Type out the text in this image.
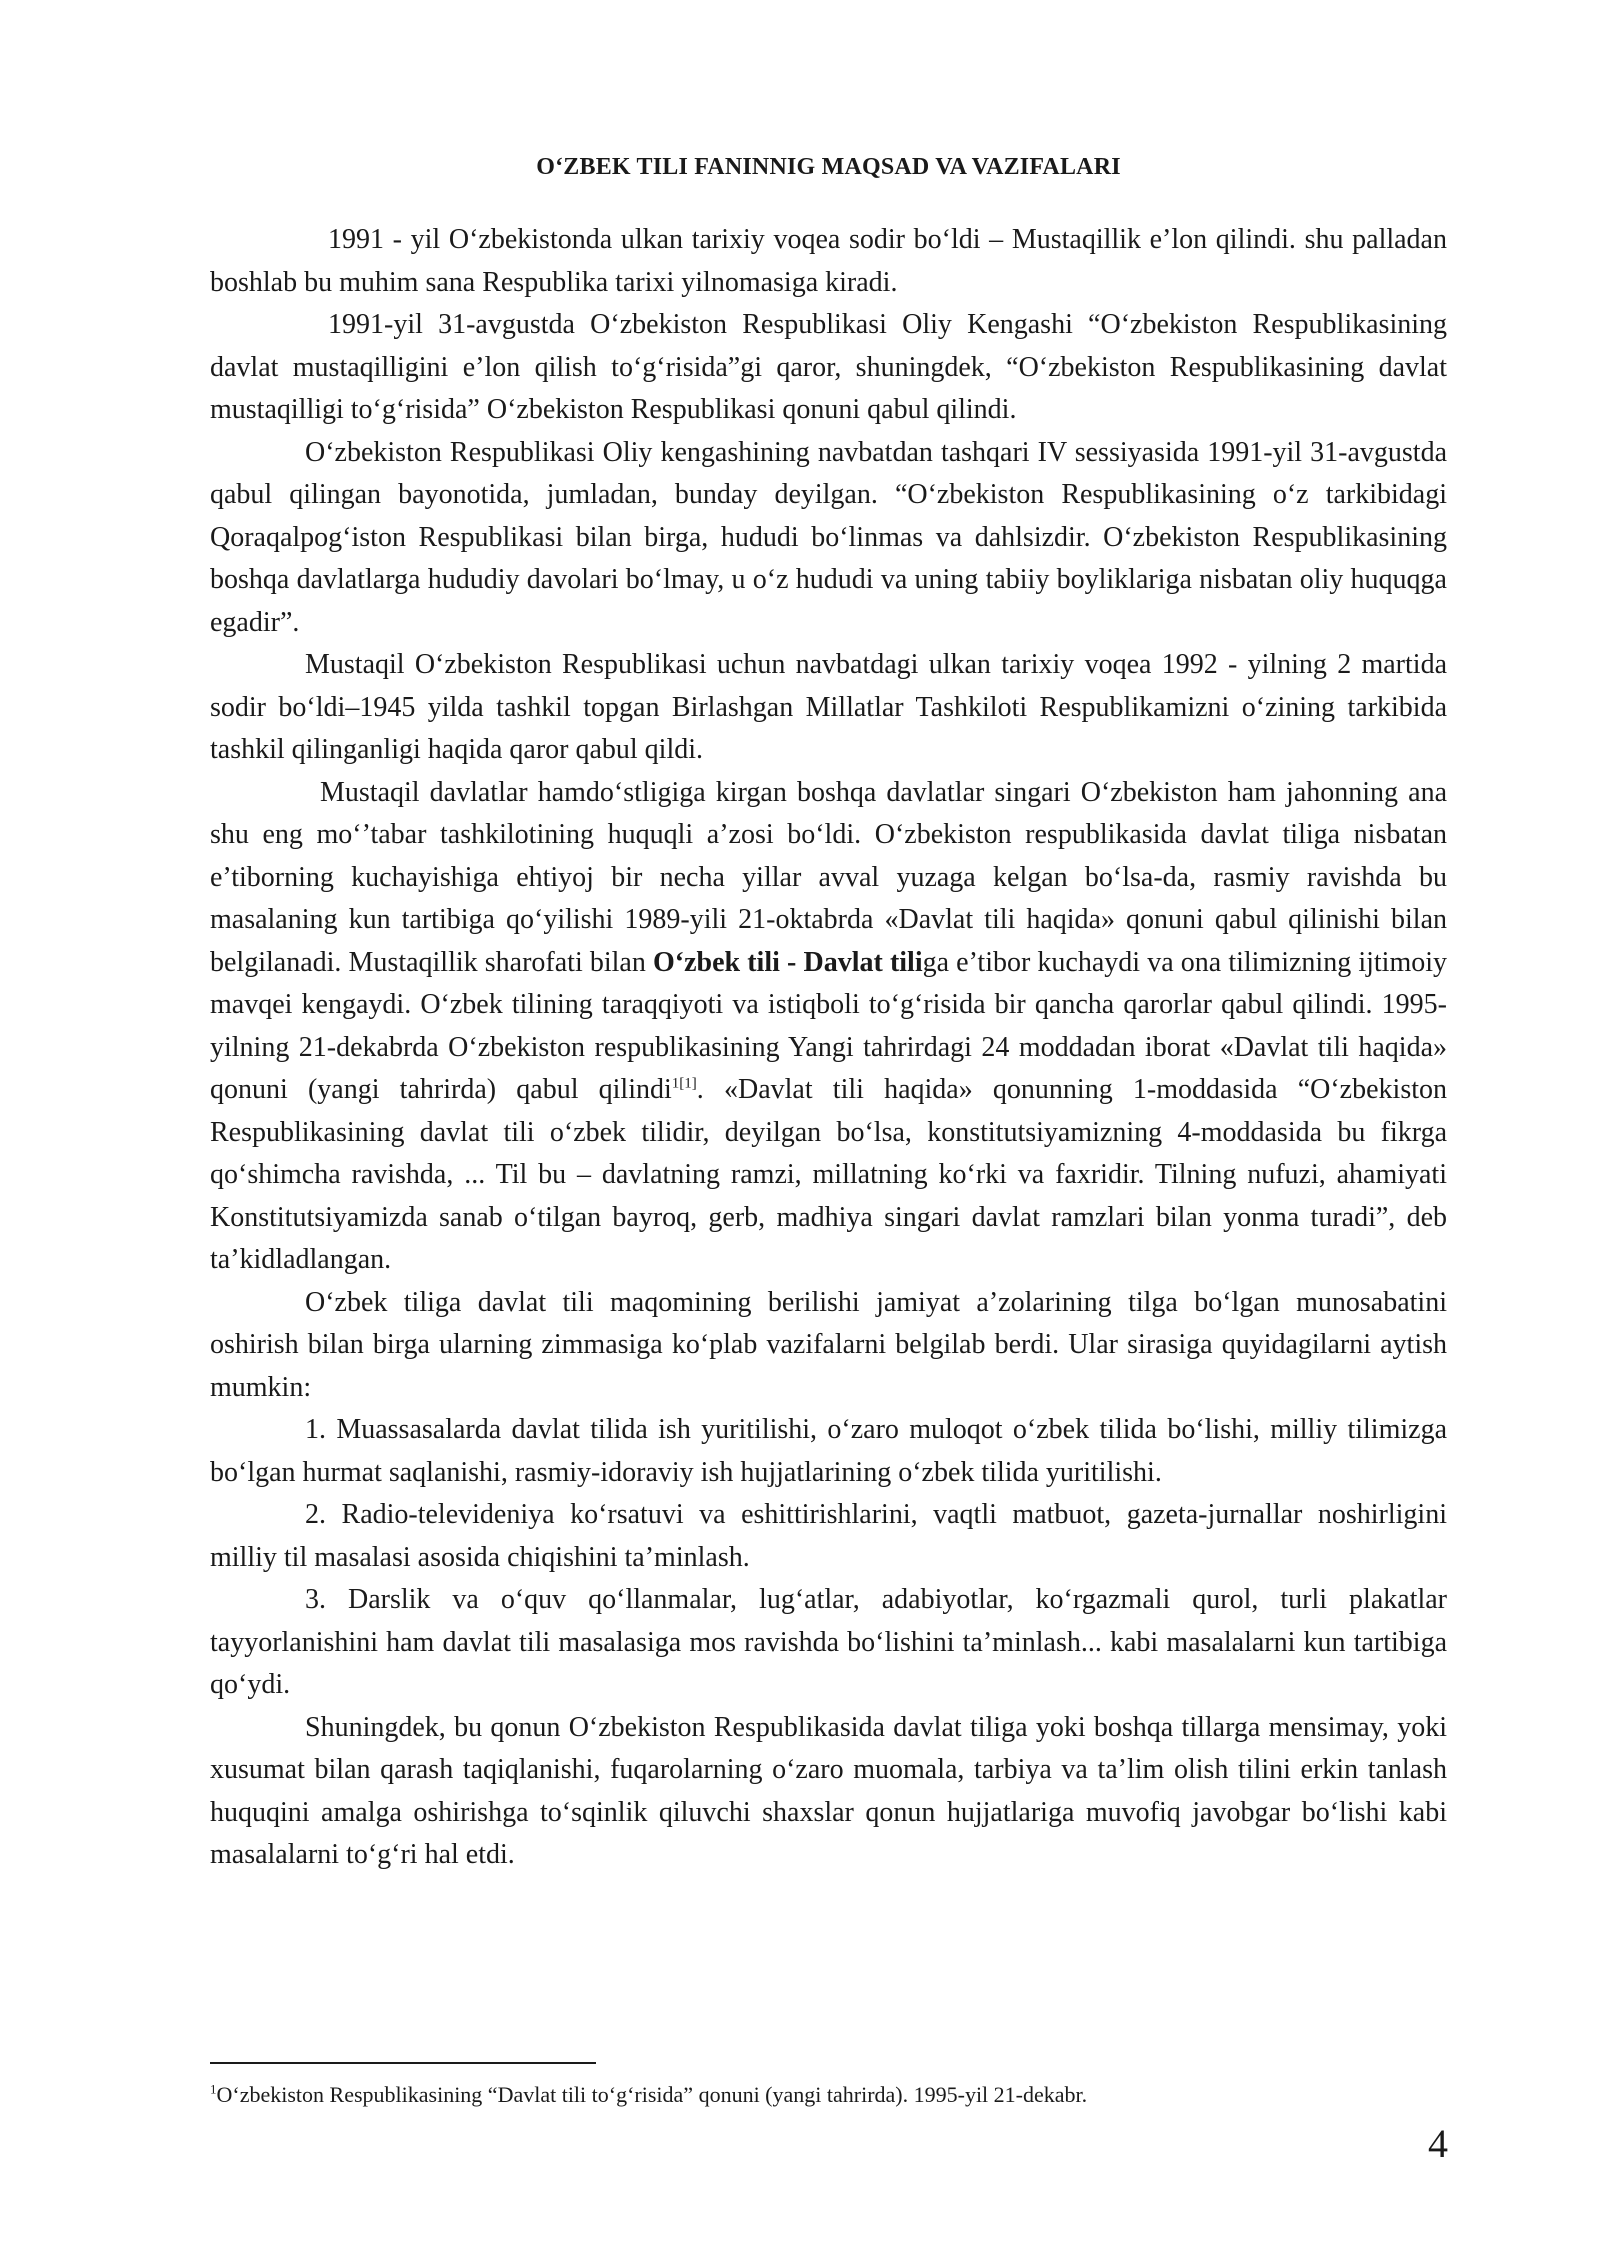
O‘ZBEK TILI FANINNIG MAQSAD VA VAZIFALARI

1991 - yil O‘zbekistonda ulkan tarixiy voqea sodir bo‘ldi – Mustaqillik e’lon qilindi. shu palladan boshlab bu muhim sana Respublika tarixi yilnomasiga kiradi.

1991-yil 31-avgustda O‘zbekiston Respublikasi Oliy Kengashi “O‘zbekiston Respublikasining davlat mustaqilligini e’lon qilish to‘g‘risida”gi qaror, shuningdek, “O‘zbekiston Respublikasining davlat mustaqilligi to‘g‘risida” O‘zbekiston Respublikasi qonuni qabul qilindi.

O‘zbekiston Respublikasi Oliy kengashining navbatdan tashqari IV sessiyasida 1991-yil 31-avgustda qabul qilingan bayonotida, jumladan, bunday deyilgan. “O‘zbekiston Respublikasining o‘z tarkibidagi Qoraqalpog‘iston Respublikasi bilan birga, hududi bo‘linmas va dahlsizdir. O‘zbekiston Respublikasining boshqa davlatlarga hududiy davolari bo‘lmay, u o‘z hududi va uning tabiiy boyliklariga nisbatan oliy huquqga egadir”.

Mustaqil O‘zbekiston Respublikasi uchun navbatdagi ulkan tarixiy voqea 1992 - yilning 2 martida sodir bo‘ldi–1945 yilda tashkil topgan Birlashgan Millatlar Tashkiloti Respublikamizni o‘zining tarkibida tashkil qilinganligi haqida qaror qabul qildi.

Mustaqil davlatlar hamdo‘stligiga kirgan boshqa davlatlar singari O‘zbekiston ham jahonning ana shu eng mo‘’tabar tashkilotining huquqli a’zosi bo‘ldi. O‘zbekiston respublikasida davlat tiliga nisbatan e’tiborning kuchayishiga ehtiyoj bir necha yillar avval yuzaga kelgan bo‘lsa-da, rasmiy ravishda bu masalaning kun tartibiga qo‘yilishi 1989-yili 21-oktabrda «Davlat tili haqida» qonuni qabul qilinishi bilan belgilanadi. Mustaqillik sharofati bilan O‘zbek tili - Davlat tiliga e’tibor kuchaydi va ona tilimizning ijtimoiy mavqei kengaydi. O‘zbek tilining taraqqiyoti va istiqboli to‘g‘risida bir qancha qarorlar qabul qilindi. 1995-yilning 21-dekabrda O‘zbekiston respublikasining Yangi tahrirdagi 24 moddadan iborat «Davlat tili haqida» qonuni (yangi tahrirda) qabul qilindi$^{1[1]}$. «Davlat tili haqida» qonunning 1-moddasida “O‘zbekiston Respublikasining davlat tili o‘zbek tilidir, deyilgan bo‘lsa, konstitutsiyamizning 4-moddasida bu fikrga qo‘shimcha ravishda, ... Til bu – davlatning ramzi, millatning ko‘rki va faxridir. Tilning nufuzi, ahamiyati Konstitutsiyamizda sanab o‘tilgan bayroq, gerb, madhiya singari davlat ramzlari bilan yonma turadi”, deb ta’kidladlangan.

O‘zbek tiliga davlat tili maqomining berilishi jamiyat a’zolarining tilga bo‘lgan munosabatini oshirish bilan birga ularning zimmasiga ko‘plab vazifalarni belgilab berdi. Ular sirasiga quyidagilarni aytish mumkin:

1. Muassasalarda davlat tilida ish yuritilishi, o‘zaro muloqot o‘zbek tilida bo‘lishi, milliy tilimizga bo‘lgan hurmat saqlanishi, rasmiy-idoraviy ish hujjatlarining o‘zbek tilida yuritilishi.

2. Radio-televideniya ko‘rsatuvi va eshittirishlarini, vaqtli matbuot, gazeta-jurnallar noshirligini milliy til masalasi asosida chiqishini ta’minlash.

3. Darslik va o‘quv qo‘llanmalar, lug‘atlar, adabiyotlar, ko‘rgazmali qurol, turli plakatlar tayyorlanishini ham davlat tili masalasiga mos ravishda bo‘lishini ta’minlash... kabi masalalarni kun tartibiga qo‘ydi.

Shuningdek, bu qonun O‘zbekiston Respublikasida davlat tiliga yoki boshqa tillarga mensimay, yoki xusumat bilan qarash taqiqlanishi, fuqarolarning o‘zaro muomala, tarbiya va ta’lim olish tilini erkin tanlash huquqini amalga oshirishga to‘sqinlik qiluvchi shaxslar qonun hujjatlariga muvofiq javobgar bo‘lishi kabi masalalarni to‘g‘ri hal etdi.

$^1$O‘zbekiston Respublikasining “Davlat tili to‘g‘risida” qonuni (yangi tahrirda). 1995-yil 21-dekabr.
4
